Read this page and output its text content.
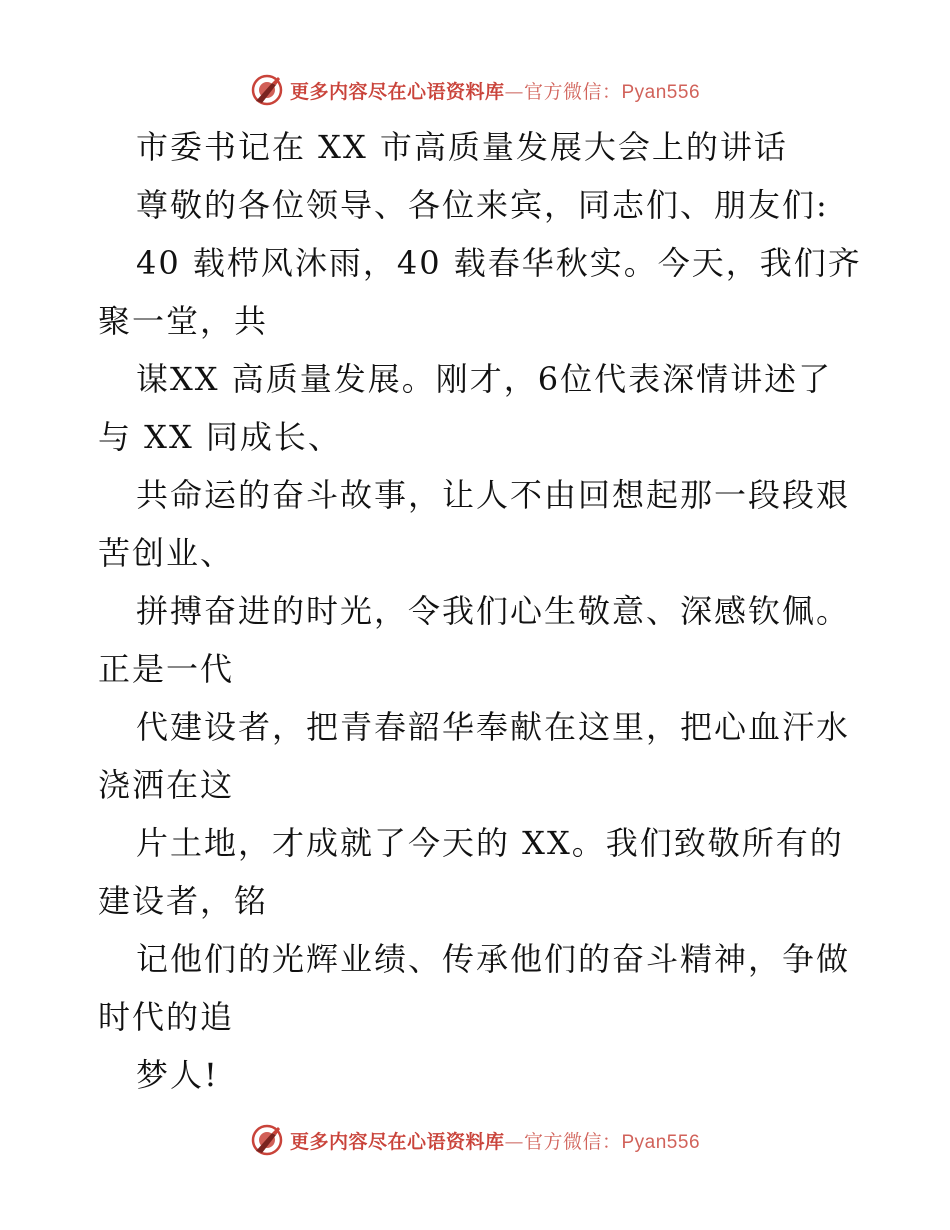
更多内容尽在心语资料库—官方微信：Pyan556
市委书记在 XX 市高质量发展大会上的讲话
尊敬的各位领导、各位来宾，同志们、朋友们:
40 载栉风沐雨，40 载春华秋实。今天，我们齐
聚一堂，共
谋XX 高质量发展。刚才，6位代表深情讲述了
与 XX 同成长、
共命运的奋斗故事，让人不由回想起那一段段艰
苦创业、
拼搏奋进的时光，令我们心生敬意、深感钦佩。
正是一代
代建设者，把青春韶华奉献在这里，把心血汗水
浇洒在这
片土地，才成就了今天的 XX。我们致敬所有的
建设者，铭
记他们的光辉业绩、传承他们的奋斗精神，争做
时代的追
梦人!
更多内容尽在心语资料库—官方微信：Pyan556
